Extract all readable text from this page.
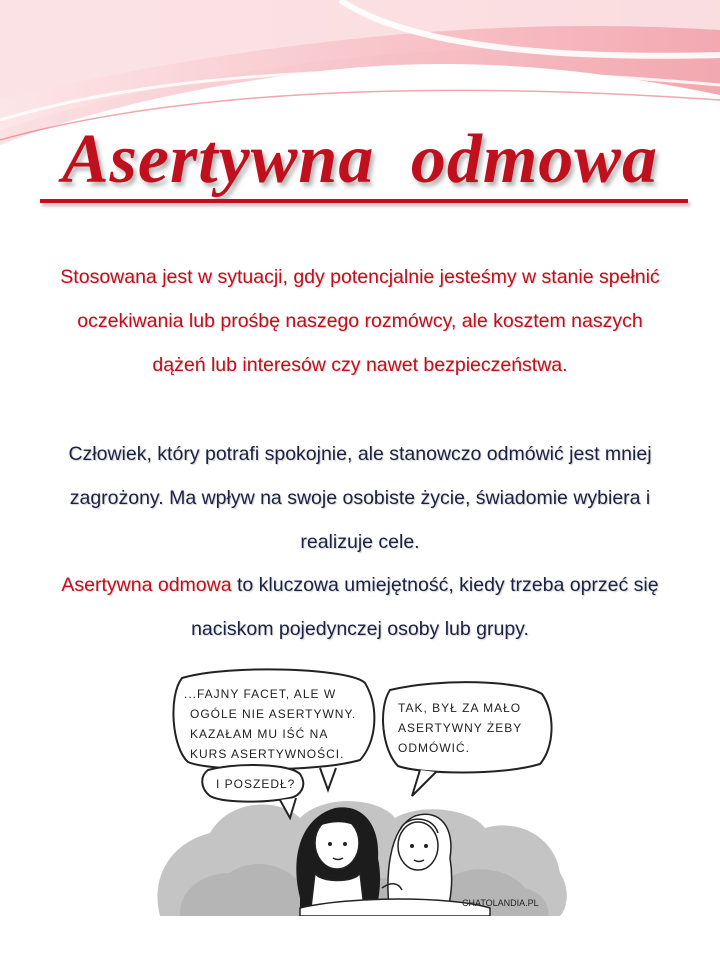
Asertywna odmowa
Stosowana jest w sytuacji, gdy potencjalnie jesteśmy w stanie spełnić oczekiwania lub prośbę naszego rozmówcy, ale kosztem naszych dążeń lub interesów czy nawet bezpieczeństwa.
Człowiek, który potrafi spokojnie, ale stanowczo odmówić jest mniej zagrożony. Ma wpływ na swoje osobiste życie, świadomie wybiera i realizuje cele.
Asertywna odmowa to kluczowa umiejętność, kiedy trzeba oprzeć się naciskom pojedynczej osoby lub grupy.
...FAJNY FACET, ALE W
OGÓLE NIE ASERTYWNY.
KAZAŁAM MU IŚĆ NA
KURS ASERTYWNOŚCI.
I POSZEDŁ?
TAK, BYŁ ZA MAŁO
ASERTYWNY ŻEBY
ODMÓWIĆ.
CHATOLANDIA.PL
